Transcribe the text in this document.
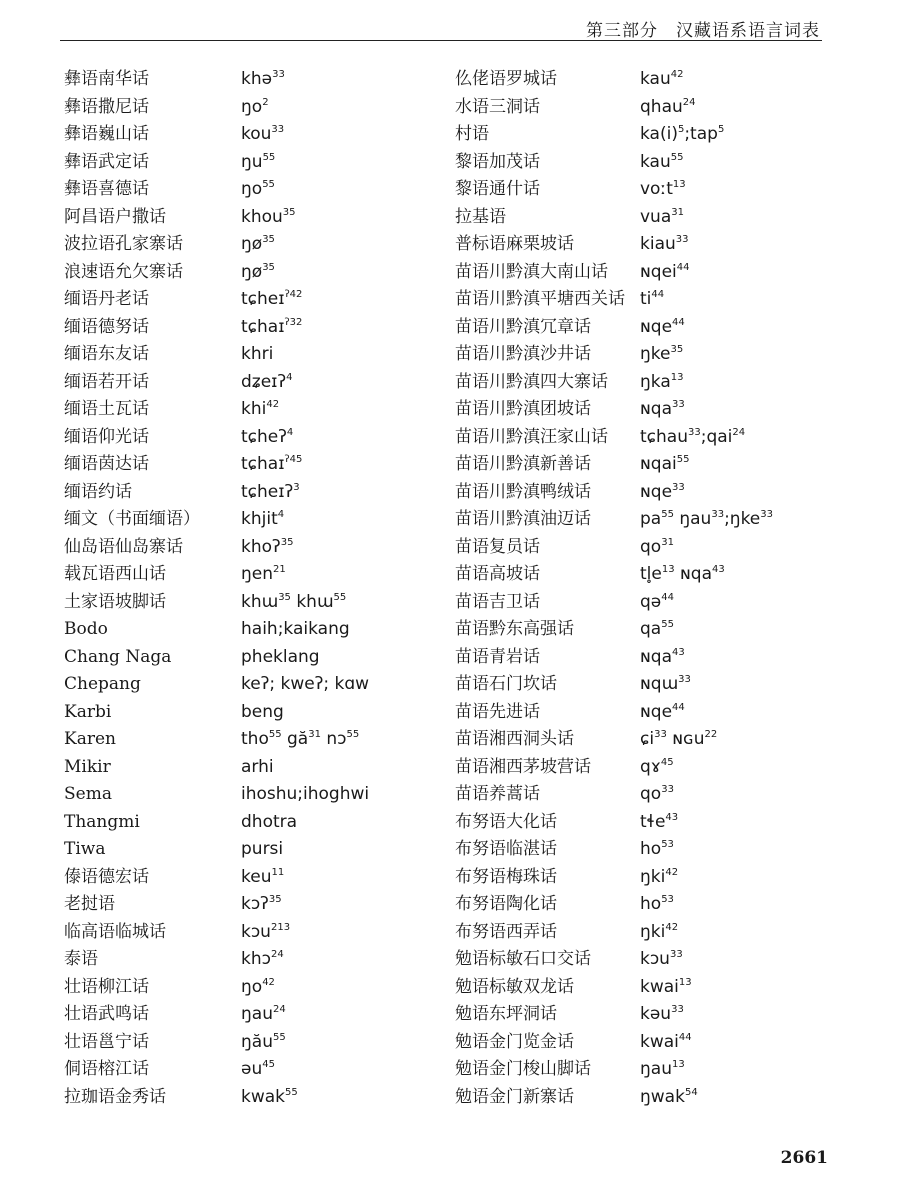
第三部分　汉藏语系语言词表
彝语南华话	khə$^{33}$
彝语撒尼话	$ŋo^2$
彝语巍山话	kou$^{33}$
彝语武定话	$ŋu^{55}$
彝语喜德话	$ŋo^{55}$
阿昌语户撒话	khou$^{35}$
波拉语孔家寨话	$ŋø^{35}$
浪速语允欠寨话	$ŋø^{35}$
缅语丹老话	tɕheɪ$^{ʔ42}$
缅语德努话	tɕhaɪ$^{ʔ32}$
缅语东友话	khri
缅语若开话	dʑeɪʔ$^4$
缅语土瓦话	khi$^{42}$
缅语仰光话	tɕheʔ$^4$
缅语茵达话	tɕhaɪ$^{ʔ45}$
缅语约话	tɕheɪʔ$^3$
缅文（书面缅语） khjit$^4$
仙岛语仙岛寨话	khoʔ$^{35}$
载瓦语西山话	ŋen$^{21}$
土家语坡脚话	khɯ$^{35}$ khɯ$^{55}$
Bodo	haih;kaikang
Chang Naga	pheklang
Chepang	keʔ; kweʔ; kɑw
Karbi	beng
Karen	tho$^{55}$ $gă^{31}$ nɔ$^{55}$
Mikir	arhi
Sema	ihoshu;ihoghwi
Thangmi	dhotra
Tiwa	pursi
傣语德宏话	keu$^{11}$
老挝语	kɔʔ$^{35}$
临高语临城话	kɔu$^{213}$
泰语	khɔ$^{24}$
壮语柳江话	$ŋo^{42}$
壮语武鸣话	ŋau$^{24}$
壮语邕宁话	ŋău$^{55}$
侗语榕江话	əu$^{45}$
拉珈语金秀话	kwak$^{55}$
仫佬语罗城话	kau$^{42}$
水语三洞话	qhau$^{24}$
村语	$ka(i)^5;tap^5$
黎语加茂话	kau$^{55}$
黎语通什话	voːt$^{13}$
拉基语	vua$^{31}$
普标语麻栗坡话	kiau$^{33}$
苗语川黔滇大南山话 ɴqei$^{44}$
苗语川黔滇平塘西关话 $ti^{44}$
苗语川黔滇冗章话	ɴqe$^{44}$
苗语川黔滇沙井话	ŋke$^{35}$
苗语川黔滇四大寨话 ŋka$^{13}$
苗语川黔滇团坡话	ɴqa$^{33}$
苗语川黔滇汪家山话 tɕhau$^{33}$;qai$^{24}$
苗语川黔滇新善话	ɴqai$^{55}$
苗语川黔滇鸭绒话	ɴqe$^{33}$
苗语川黔滇油迈话	$pa^{55}$ ŋau$^{33}$;ŋke$^{33}$
苗语复员话	$qo^{31}$
苗语高坡话	$tl̥e^{13}$ ɴqa$^{43}$
苗语吉卫话	qə$^{44}$
苗语黔东高强话	$qa^{55}$
苗语青岩话	ɴqa$^{43}$
苗语石门坎话	ɴqɯ$^{33}$
苗语先进话	ɴqe$^{44}$
苗语湘西洞头话	ɕi$^{33}$ ɴɢu$^{22}$
苗语湘西茅坡营话	qɤ$^{45}$
苗语养蒿话	$qo^{33}$
布努语大化话	tɬe$^{43}$
布努语临湛话	$ho^{53}$
布努语梅珠话	ŋki$^{42}$
布努语陶化话	$ho^{53}$
布努语西弄话	ŋki$^{42}$
勉语标敏石口交话	kɔu$^{33}$
勉语标敏双龙话	kwai$^{13}$
勉语东坪洞话	kəu$^{33}$
勉语金门览金话	kwai$^{44}$
勉语金门梭山脚话	ŋau$^{13}$
勉语金门新寨话	ŋwak$^{54}$
2661
